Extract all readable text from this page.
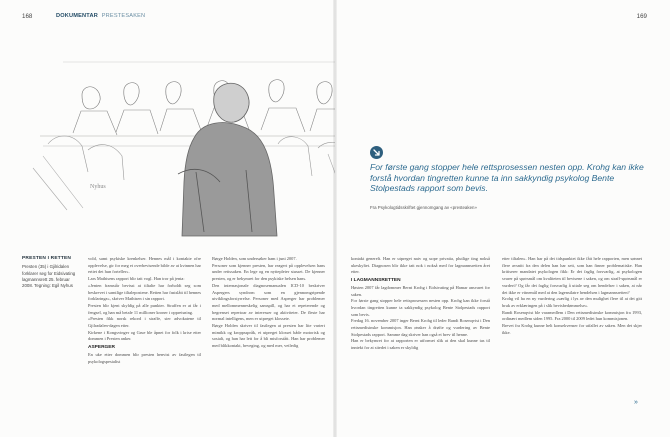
168	DOKUMENTAR PRESTESAKEN
Nyhus
PRESTEN I RETTEN
Presten (35) i Gjilridalen forklarer seg for Eidsivating lagmannsrett 25. februar 2008. Tegning: Egil Nyhus

vold, samt psykiske krenkelser. Hennes mål i kontakte ofre opplevelse, gir for meg et overbevisende bilde av at kvinnen har ertiet det hun forteller».

Lars Mathisens rapport blir tatt vogl. Han tror på jenta:

«Jenten framstår bevisst at tiltalte har forholdt seg som beskrevet i samtlige tiltalepostene. Retten har fastslått til hennes forklaringa», skriver Mathisen i sin rapport.

Presten blir kjent skyldig på alle punkter. Straffen er at får i fengsel, og han må betale 11 millioner kroner i oppreisning.

«Presten fikk norsk rekord i straffe, sier advokatene til Gjilradalen-dagen etter.

Kirkene i Kongsvinger og Grue ble åpnet for folk i krise etter dommen i Presten anker.

ASPERGER

En uke etter dommen blir presten henvist av fastlegen til psykologspesialist

Børge Holden, som undersøker ham i juni 2007.

Personer som kjenner presten, har reagert på opplevelsen hans under rettssaken. En lege og en nyttepleier stusset. De kjenner presten, og er bekymret for den psykiske helsen hans.

Den internasjonale diagnosemanualen ICD-10 beskriver Aspergers syndrom som en gjennomgripende utviklingsforstyrrelse. Personer med Asperger har problemer med mellommenneskelig samspill, og har et repeterende og begrenset repertoar av interesser og aktiviteter. De fleste har normal intelligens, men er utpreget klossete.

Børge Holden skriver til fastlegen at presten har lite variert mimikk og kroppsspråk, et utpreget klosset både motorisk og sosialt, og han har lett for å bli misforstått. Han har problemer med blikkontakt, beveging, og med mer, veiledig

169
For første gang stopper hele rettsprosessen nesten opp. Krohg kan ikke forstå hvordan tingretten kunne ta inn sakkyndig psykolog Bente Stolpestads rapport som bevis.
Fra Psykologtidsskriftet gjennomgang av «presteaken»

kontakt generelt. Han er utpreget naiv og uope privatia, plutlige ting nokså ukeskyltet. Diagnosen blir ikke tatt nok i nokså med for lagmannsretten året etter.

I LAGMANNSRETTEN

Høsten 2007 får lagdommer Bernt Krohg i Eidsivating på Hamar ansvaret for saken.

For første gang stopper hele rettsprosessen nesten opp. Krohg kan ikke forstå hvordan tingretten kunne ta sakkyndig psykolog Bente Stolpestads rapport som bevis.

Fredag 16. november 2007 inger Bernt Krohg til leder Randi Rosenqvist i Den rettsmedisinske kommisjon. Han ønsker å drøfte og vurdering av Bente Stolpestads rapport. Samme dag skriver han også et brev til henne.

Han er bekymret for at rapporten er utformet slik at den skal kunne tas til inntekt for at sitedet i saken er skyldig

etter tiltalen». Han har på det tidspunktet ikke fått hele rapporten, men sønnet flere avsnitt fra den delen han har sett, som han finner problematiske. Han kritiserer mandatet psykologen fikk: Er det faglig forsvarlig, at psykologen svarer på spørsmål om kvaliteten til bevisene i saken, og om straff-spørsmål er vurdert? Og får det faglig forsvarlig å uttale seg om hendelser i saken, at når det ikke er vitnemål med at den lagenstlatre hendelsen i lagmannsretten?

Krohg vil ha en ny vurdering «særlig i lys av den mulighet flere til at det gitt bruk av erklæringen på i slik bevisbedømmelse».

Randi Rosenqvist ble varamedlem i Den rettsmedisinske kommisjon fra 1993, ordinært medlem siden 1995. Fra 2000 til 2009 ledet hun kommisjonen.

Brevet fra Krohg kunne helt konsekvenser for utfallet av saken. Men det skjer ikke.

»
